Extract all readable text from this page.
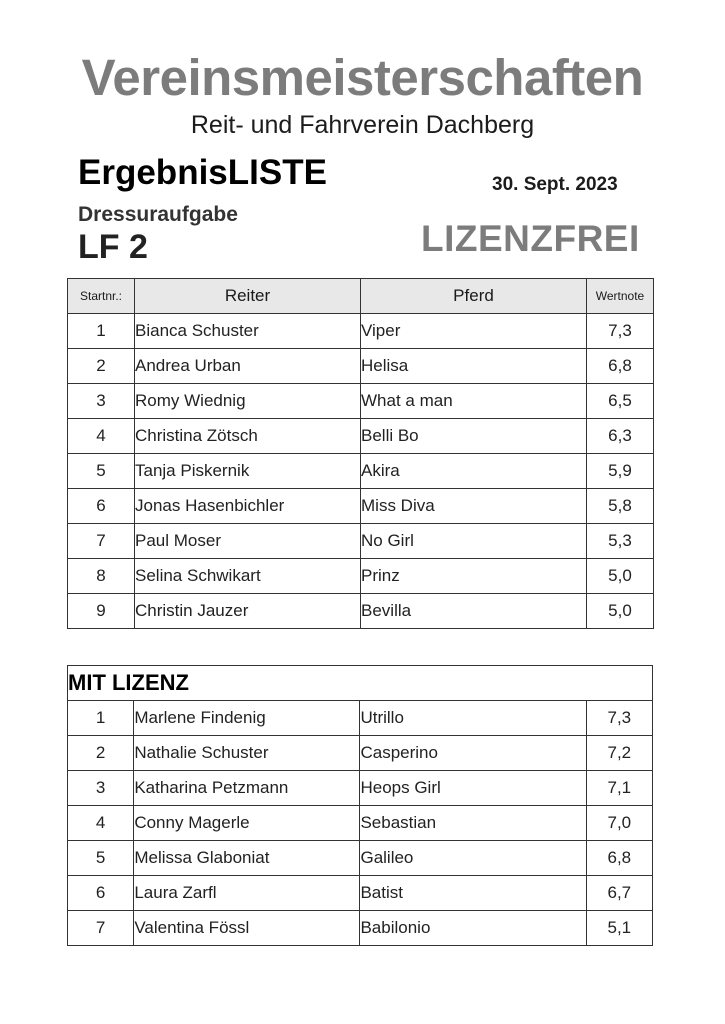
Vereinsmeisterschaften
Reit- und Fahrverein Dachberg
ErgebnisLISTE	30. Sept. 2023
Dressuraufgabe
LF 2	LIZENZFREI
Startnr.:	Reiter	Pferd	Wertnote
1	Bianca Schuster	Viper	7,3
2	Andrea Urban	Helisa	6,8
3	Romy Wiednig	What a man	6,5
4	Christina Zötsch	Belli Bo	6,3
5	Tanja Piskernik	Akira	5,9
6	Jonas Hasenbichler	Miss Diva	5,8
7	Paul Moser	No Girl	5,3
8	Selina Schwikart	Prinz	5,0
9	Christin Jauzer	Bevilla	5,0
MIT LIZENZ			
1	Marlene Findenig	Utrillo	7,3
2	Nathalie Schuster	Casperino	7,2
3	Katharina Petzmann	Heops Girl	7,1
4	Conny Magerle	Sebastian	7,0
5	Melissa Glaboniat	Galileo	6,8
6	Laura Zarfl	Batist	6,7
7	Valentina Fössl	Babilonio	5,1
